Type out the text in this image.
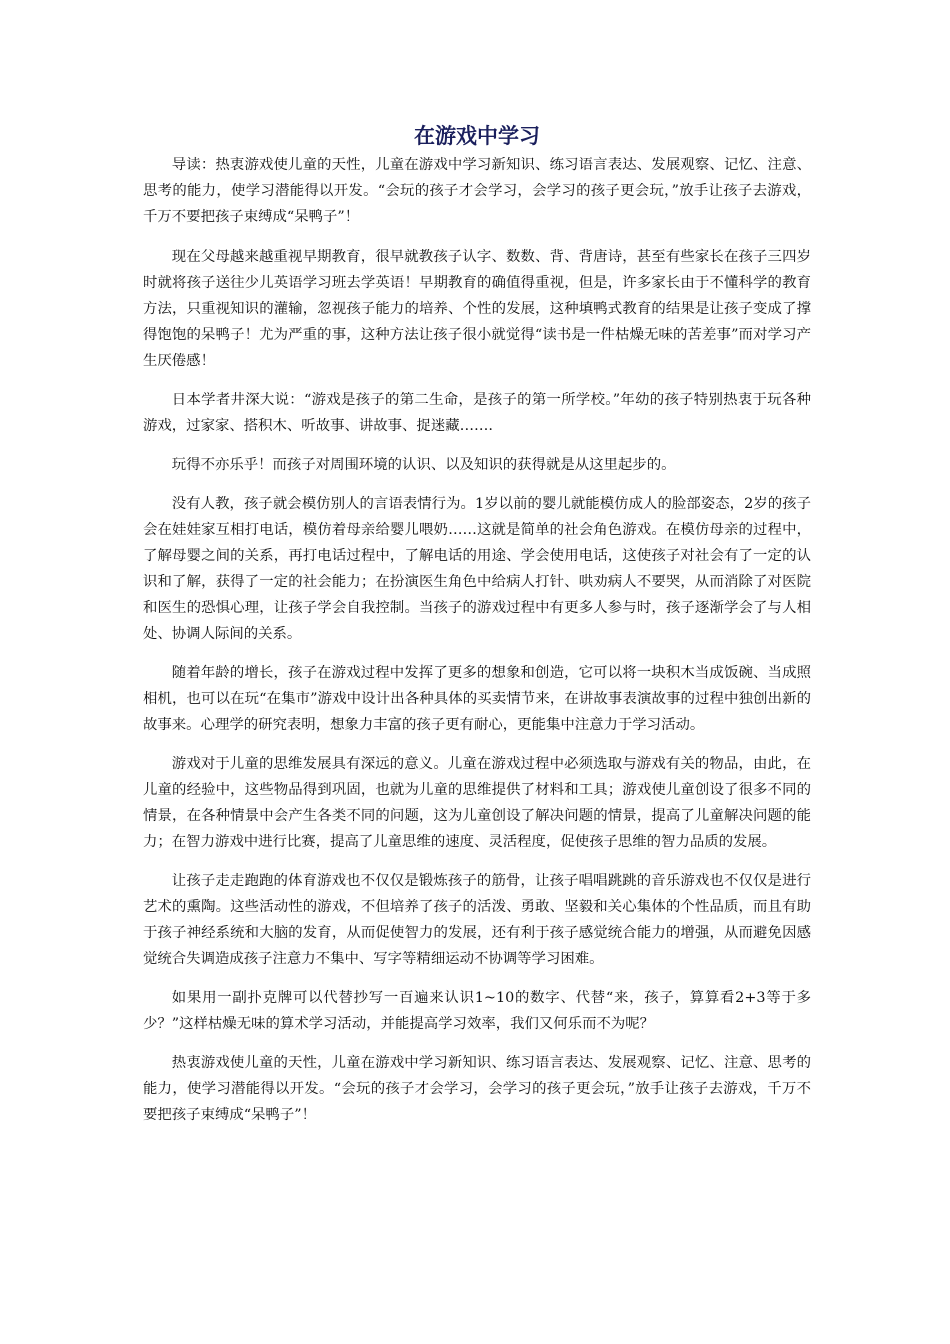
在游戏中学习

导读：热衷游戏使儿童的天性，儿童在游戏中学习新知识、练习语言表达、发展观察、记忆、注意、思考的能力，使学习潜能得以开发。“会玩的孩子才会学习，会学习的孩子更会玩，”放手让孩子去游戏，千万不要把孩子束缚成“呆鸭子”！

现在父母越来越重视早期教育，很早就教孩子认字、数数、背、背唐诗，甚至有些家长在孩子三四岁时就将孩子送往少儿英语学习班去学英语！早期教育的确值得重视，但是，许多家长由于不懂科学的教育方法，只重视知识的灌输，忽视孩子能力的培养、个性的发展，这种填鸭式教育的结果是让孩子变成了撑得饱饱的呆鸭子！尤为严重的事，这种方法让孩子很小就觉得“读书是一件枯燥无味的苦差事”而对学习产生厌倦感！

日本学者井深大说：“游戏是孩子的第二生命，是孩子的第一所学校。”年幼的孩子特别热衷于玩各种游戏，过家家、搭积木、听故事、讲故事、捉迷藏…….

玩得不亦乐乎！而孩子对周围环境的认识、以及知识的获得就是从这里起步的。

没有人教，孩子就会模仿别人的言语表情行为。1岁以前的婴儿就能模仿成人的脸部姿态，2岁的孩子会在娃娃家互相打电话，模仿着母亲给婴儿喂奶……这就是简单的社会角色游戏。在模仿母亲的过程中，了解母婴之间的关系，再打电话过程中，了解电话的用途、学会使用电话，这使孩子对社会有了一定的认识和了解，获得了一定的社会能力；在扮演医生角色中给病人打针、哄劝病人不要哭，从而消除了对医院和医生的恐惧心理，让孩子学会自我控制。当孩子的游戏过程中有更多人参与时，孩子逐渐学会了与人相处、协调人际间的关系。

随着年龄的增长，孩子在游戏过程中发挥了更多的想象和创造，它可以将一块积木当成饭碗、当成照相机，也可以在玩“在集市”游戏中设计出各种具体的买卖情节来，在讲故事表演故事的过程中独创出新的故事来。心理学的研究表明，想象力丰富的孩子更有耐心，更能集中注意力于学习活动。

游戏对于儿童的思维发展具有深远的意义。儿童在游戏过程中必须选取与游戏有关的物品，由此，在儿童的经验中，这些物品得到巩固，也就为儿童的思维提供了材料和工具；游戏使儿童创设了很多不同的情景，在各种情景中会产生各类不同的问题，这为儿童创设了解决问题的情景，提高了儿童解决问题的能力；在智力游戏中进行比赛，提高了儿童思维的速度、灵活程度，促使孩子思维的智力品质的发展。

让孩子走走跑跑的体育游戏也不仅仅是锻炼孩子的筋骨，让孩子唱唱跳跳的音乐游戏也不仅仅是进行艺术的熏陶。这些活动性的游戏，不但培养了孩子的活泼、勇敢、坚毅和关心集体的个性品质，而且有助于孩子神经系统和大脑的发育，从而促使智力的发展，还有利于孩子感觉统合能力的增强，从而避免因感觉统合失调造成孩子注意力不集中、写字等精细运动不协调等学习困难。

如果用一副扑克牌可以代替抄写一百遍来认识1~10的数字、代替“来，孩子，算算看2+3等于多少？”这样枯燥无味的算术学习活动，并能提高学习效率，我们又何乐而不为呢？

热衷游戏使儿童的天性，儿童在游戏中学习新知识、练习语言表达、发展观察、记忆、注意、思考的能力，使学习潜能得以开发。“会玩的孩子才会学习，会学习的孩子更会玩，”放手让孩子去游戏，千万不要把孩子束缚成“呆鸭子”！
